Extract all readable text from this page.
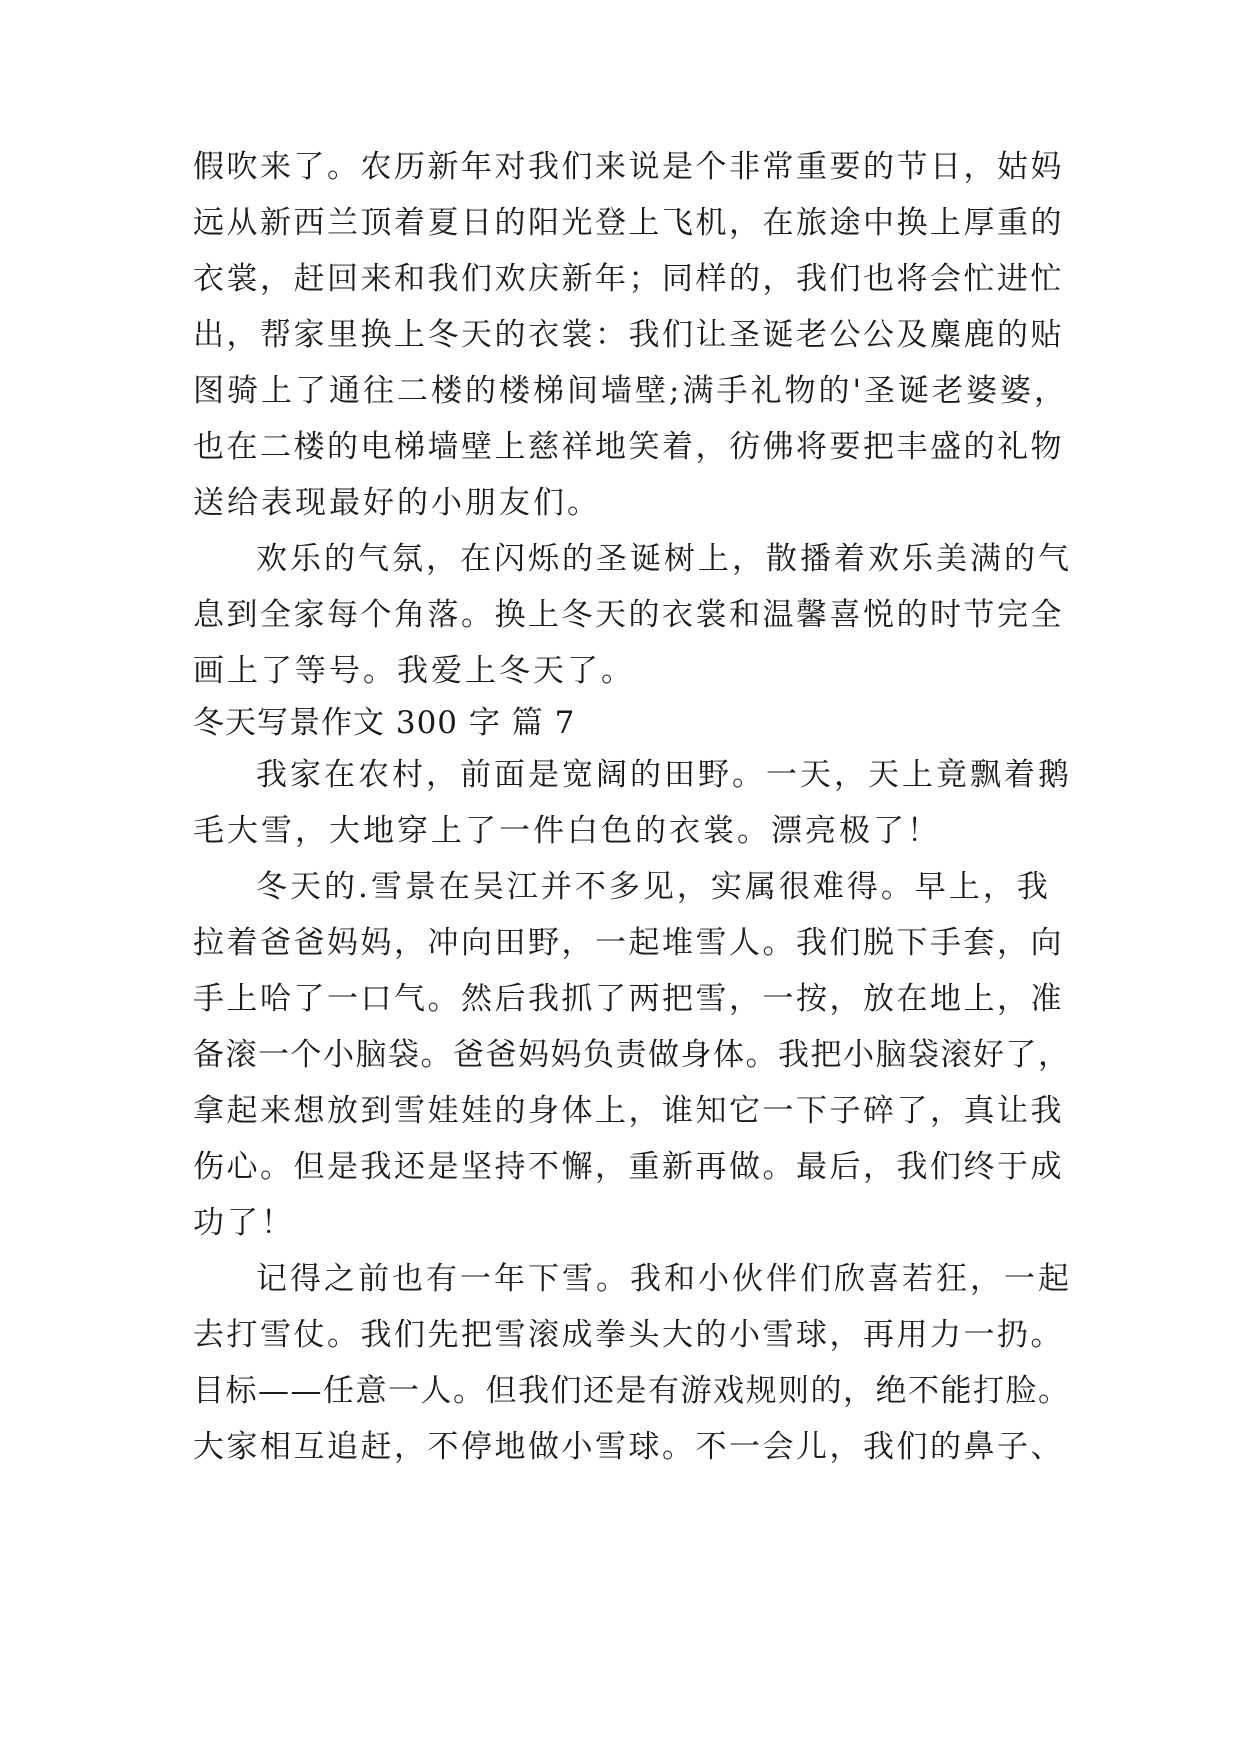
假吹来了。农历新年对我们来说是个非常重要的节日，姑妈
远从新西兰顶着夏日的阳光登上飞机，在旅途中换上厚重的
衣裳，赶回来和我们欢庆新年；同样的，我们也将会忙进忙
出，帮家里换上冬天的衣裳：我们让圣诞老公公及麋鹿的贴
图骑上了通往二楼的楼梯间墙壁;满手礼物的'圣诞老婆婆，
也在二楼的电梯墙壁上慈祥地笑着，彷佛将要把丰盛的礼物
送给表现最好的小朋友们。
欢乐的气氛，在闪烁的圣诞树上，散播着欢乐美满的气
息到全家每个角落。换上冬天的衣裳和温馨喜悦的时节完全
画上了等号。我爱上冬天了。
冬天写景作文 300 字 篇 7
我家在农村，前面是宽阔的田野。一天，天上竟飘着鹅
毛大雪，大地穿上了一件白色的衣裳。漂亮极了！
冬天的.雪景在吴江并不多见，实属很难得。早上，我
拉着爸爸妈妈，冲向田野，一起堆雪人。我们脱下手套，向
手上哈了一口气。然后我抓了两把雪，一按，放在地上，准
备滚一个小脑袋。爸爸妈妈负责做身体。我把小脑袋滚好了，
拿起来想放到雪娃娃的身体上，谁知它一下子碎了，真让我
伤心。但是我还是坚持不懈，重新再做。最后，我们终于成
功了！
记得之前也有一年下雪。我和小伙伴们欣喜若狂，一起
去打雪仗。我们先把雪滚成拳头大的小雪球，再用力一扔。
目标——任意一人。但我们还是有游戏规则的，绝不能打脸。
大家相互追赶，不停地做小雪球。不一会儿，我们的鼻子、
